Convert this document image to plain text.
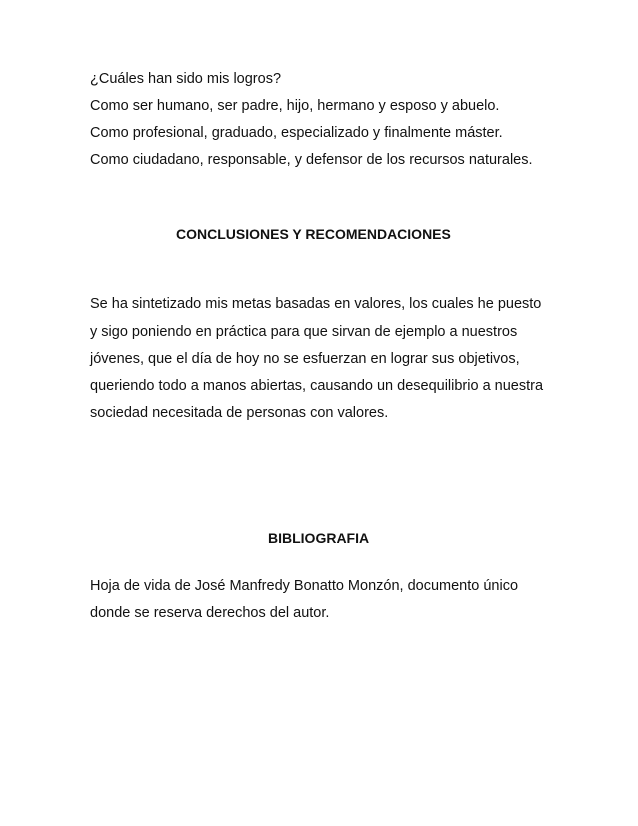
¿Cuáles han sido mis logros?

Como ser humano, ser padre, hijo, hermano y esposo y abuelo.

Como profesional, graduado, especializado y finalmente máster.

Como ciudadano, responsable, y defensor de los recursos naturales.

CONCLUSIONES Y RECOMENDACIONES

Se ha sintetizado mis metas basadas en valores, los cuales he puesto

y sigo poniendo en práctica para que sirvan de ejemplo a nuestros

jóvenes, que el día de hoy no se esfuerzan en lograr sus objetivos,

queriendo todo a manos abiertas, causando un desequilibrio a nuestra

sociedad necesitada de personas con valores.

BIBLIOGRAFIA

Hoja de vida de José Manfredy Bonatto Monzón, documento único

donde se reserva derechos del autor.
